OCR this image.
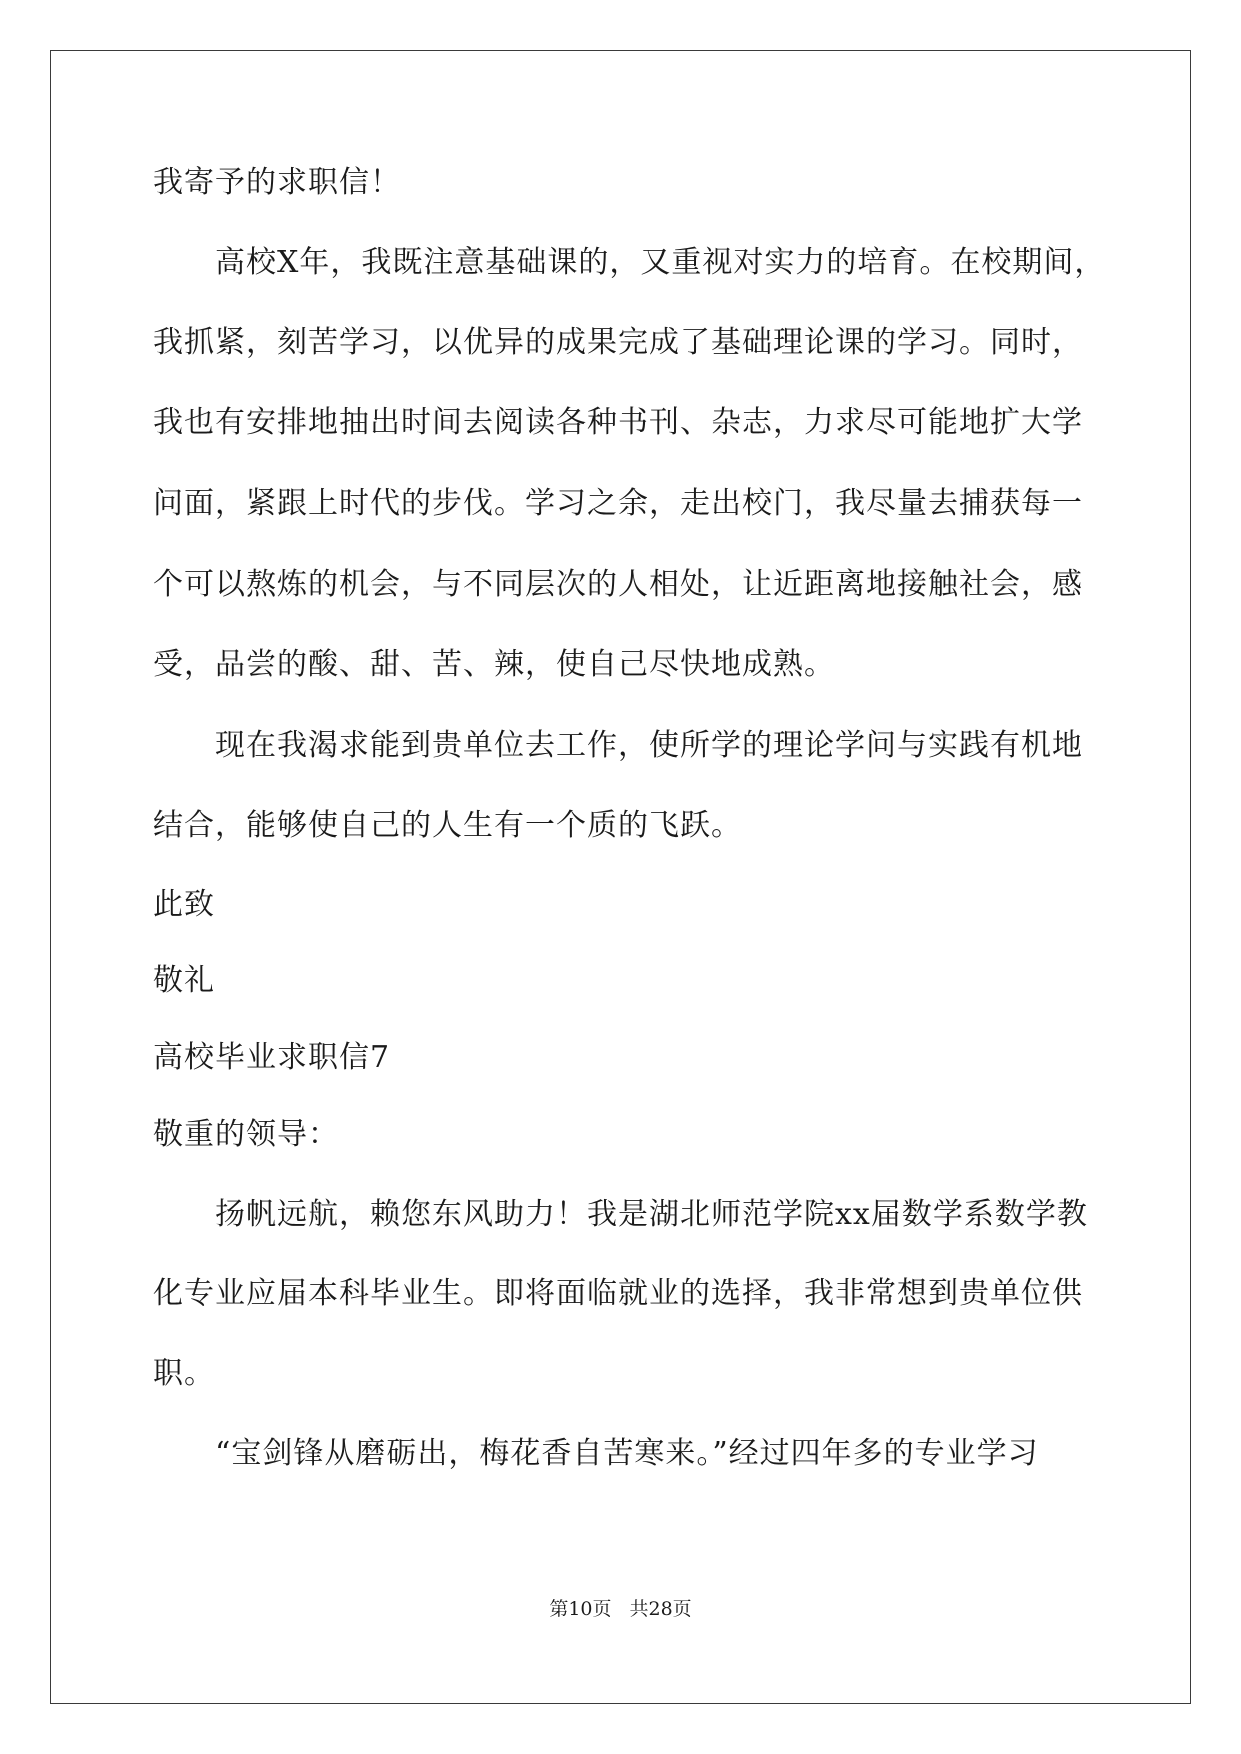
我寄予的求职信！
高校X年，我既注意基础课的，又重视对实力的培育。在校期间，
我抓紧，刻苦学习，以优异的成果完成了基础理论课的学习。同时，
我也有安排地抽出时间去阅读各种书刊、杂志，力求尽可能地扩大学
问面，紧跟上时代的步伐。学习之余，走出校门，我尽量去捕获每一
个可以熬炼的机会，与不同层次的人相处，让近距离地接触社会，感
受，品尝的酸、甜、苦、辣，使自己尽快地成熟。
现在我渴求能到贵单位去工作，使所学的理论学问与实践有机地
结合，能够使自己的人生有一个质的飞跃。
此致
敬礼
高校毕业求职信7
敬重的领导：
扬帆远航，赖您东风助力！我是湖北师范学院xx届数学系数学教
化专业应届本科毕业生。即将面临就业的选择，我非常想到贵单位供
职。
“宝剑锋从磨砺出，梅花香自苦寒来。”经过四年多的专业学习
第10页 共28页
